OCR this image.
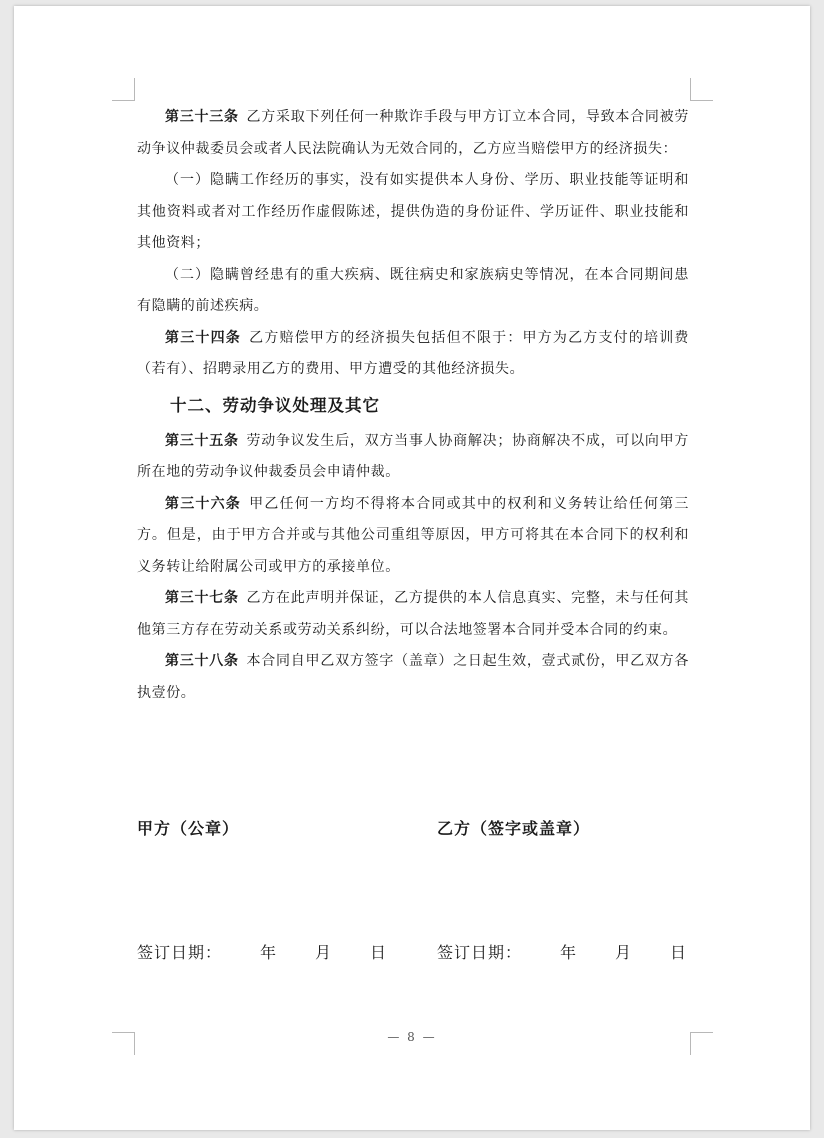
第三十三条  乙方采取下列任何一种欺诈手段与甲方订立本合同，导致本合同被劳动争议仲裁委员会或者人民法院确认为无效合同的，乙方应当赔偿甲方的经济损失：

（一）隐瞒工作经历的事实，没有如实提供本人身份、学历、职业技能等证明和其他资料或者对工作经历作虚假陈述，提供伪造的身份证件、学历证件、职业技能和其他资料；

（二）隐瞒曾经患有的重大疾病、既往病史和家族病史等情况，在本合同期间患有隐瞒的前述疾病。

第三十四条  乙方赔偿甲方的经济损失包括但不限于：甲方为乙方支付的培训费（若有）、招聘录用乙方的费用、甲方遭受的其他经济损失。

十二、劳动争议处理及其它

第三十五条  劳动争议发生后，双方当事人协商解决；协商解决不成，可以向甲方所在地的劳动争议仲裁委员会申请仲裁。

第三十六条  甲乙任何一方均不得将本合同或其中的权利和义务转让给任何第三方。但是，由于甲方合并或与其他公司重组等原因，甲方可将其在本合同下的权利和义务转让给附属公司或甲方的承接单位。

第三十七条  乙方在此声明并保证，乙方提供的本人信息真实、完整，未与任何其他第三方存在劳动关系或劳动关系纠纷，可以合法地签署本合同并受本合同的约束。

第三十八条  本合同自甲乙双方签字（盖章）之日起生效，壹式贰份，甲乙双方各执壹份。

甲方（公章）	乙方（签字或盖章）
签订日期： 年 月 日	签订日期： 年 月 日
— 8 —
